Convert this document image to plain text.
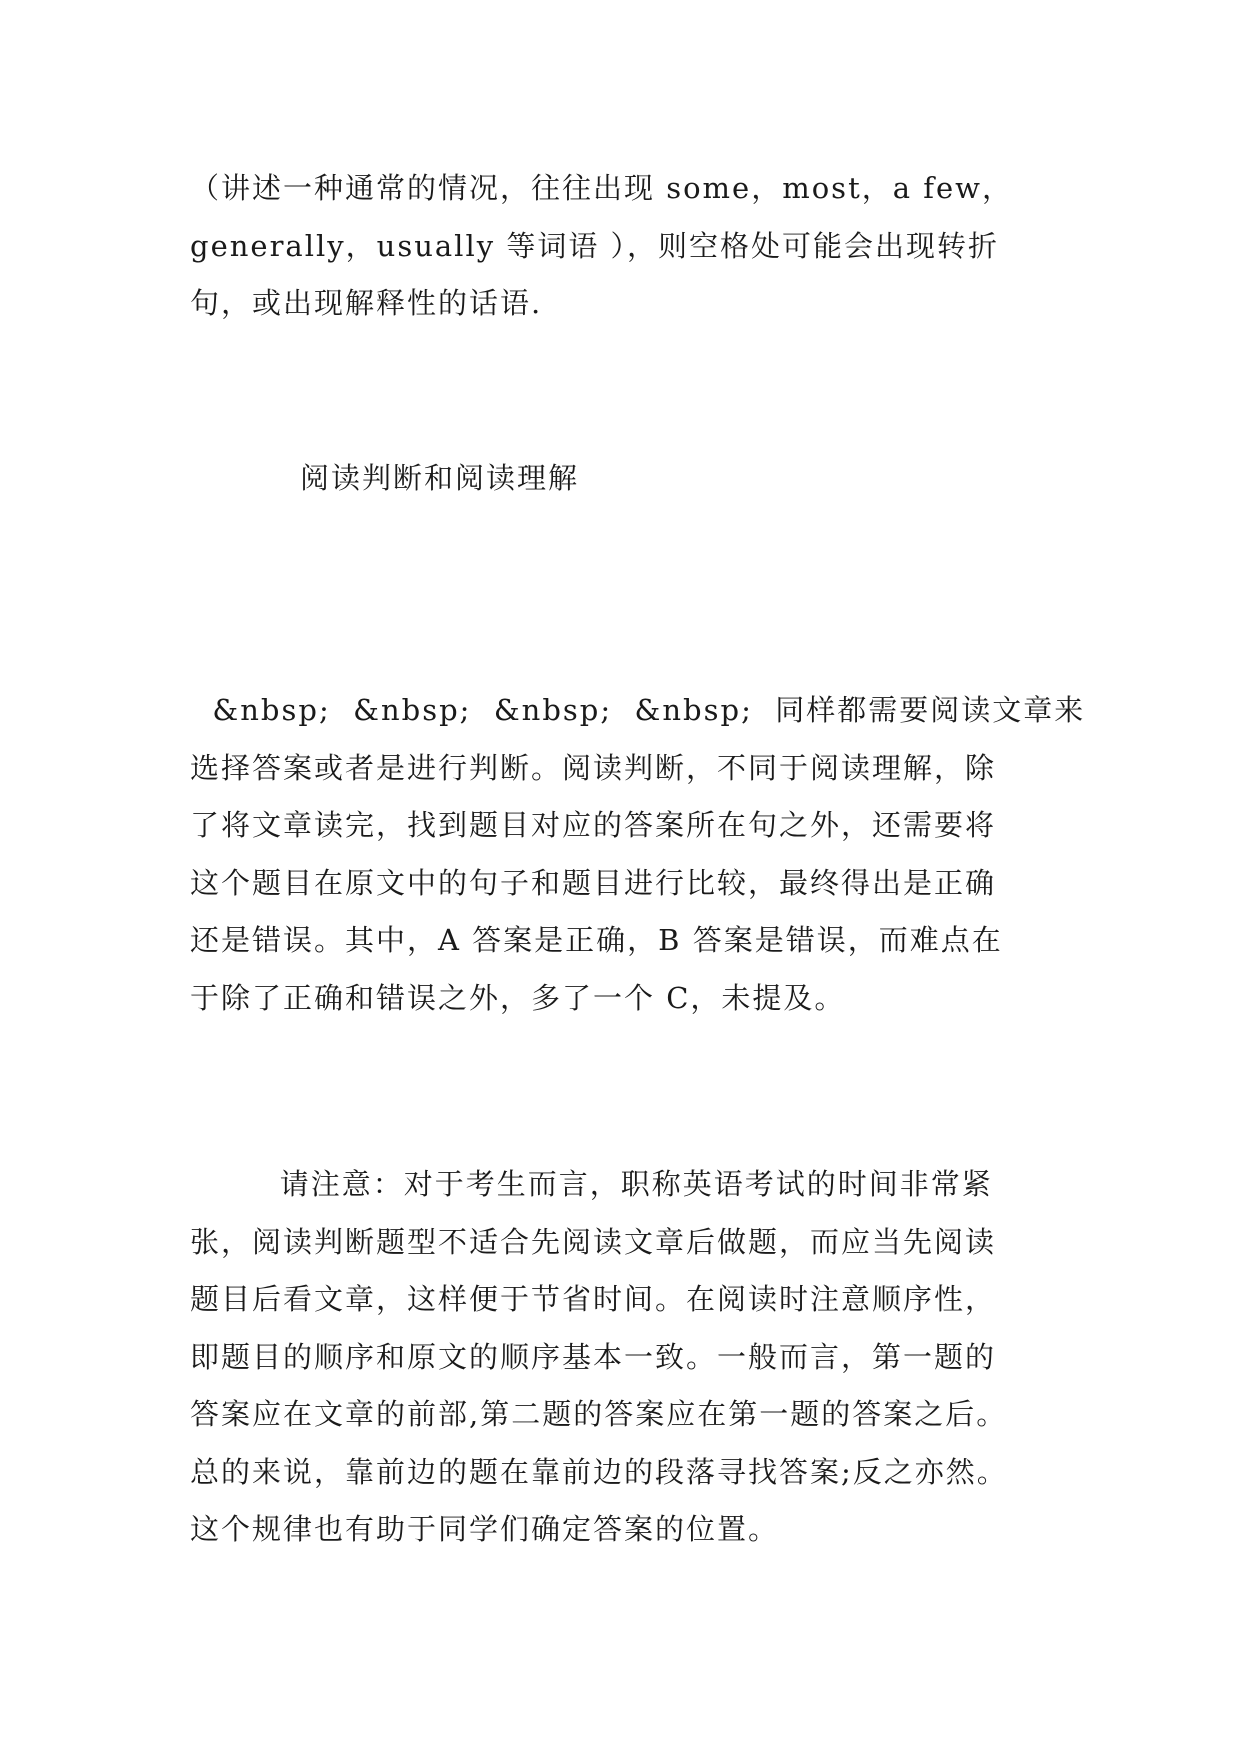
（讲述一种通常的情况，往往出现 some，most，a few，
generally，usually 等词语 ），则空格处可能会出现转折
句，或出现解释性的话语.
阅读判断和阅读理解
&nbsp;  &nbsp;  &nbsp;  &nbsp;  同样都需要阅读文章来
选择答案或者是进行判断。阅读判断，不同于阅读理解，除
了将文章读完，找到题目对应的答案所在句之外，还需要将
这个题目在原文中的句子和题目进行比较，最终得出是正确
还是错误。其中，A 答案是正确，B 答案是错误，而难点在
于除了正确和错误之外，多了一个 C，未提及。
请注意：对于考生而言，职称英语考试的时间非常紧
张，阅读判断题型不适合先阅读文章后做题，而应当先阅读
题目后看文章，这样便于节省时间。在阅读时注意顺序性，
即题目的顺序和原文的顺序基本一致。一般而言，第一题的
答案应在文章的前部,第二题的答案应在第一题的答案之后。
总的来说，靠前边的题在靠前边的段落寻找答案;反之亦然。
这个规律也有助于同学们确定答案的位置。
